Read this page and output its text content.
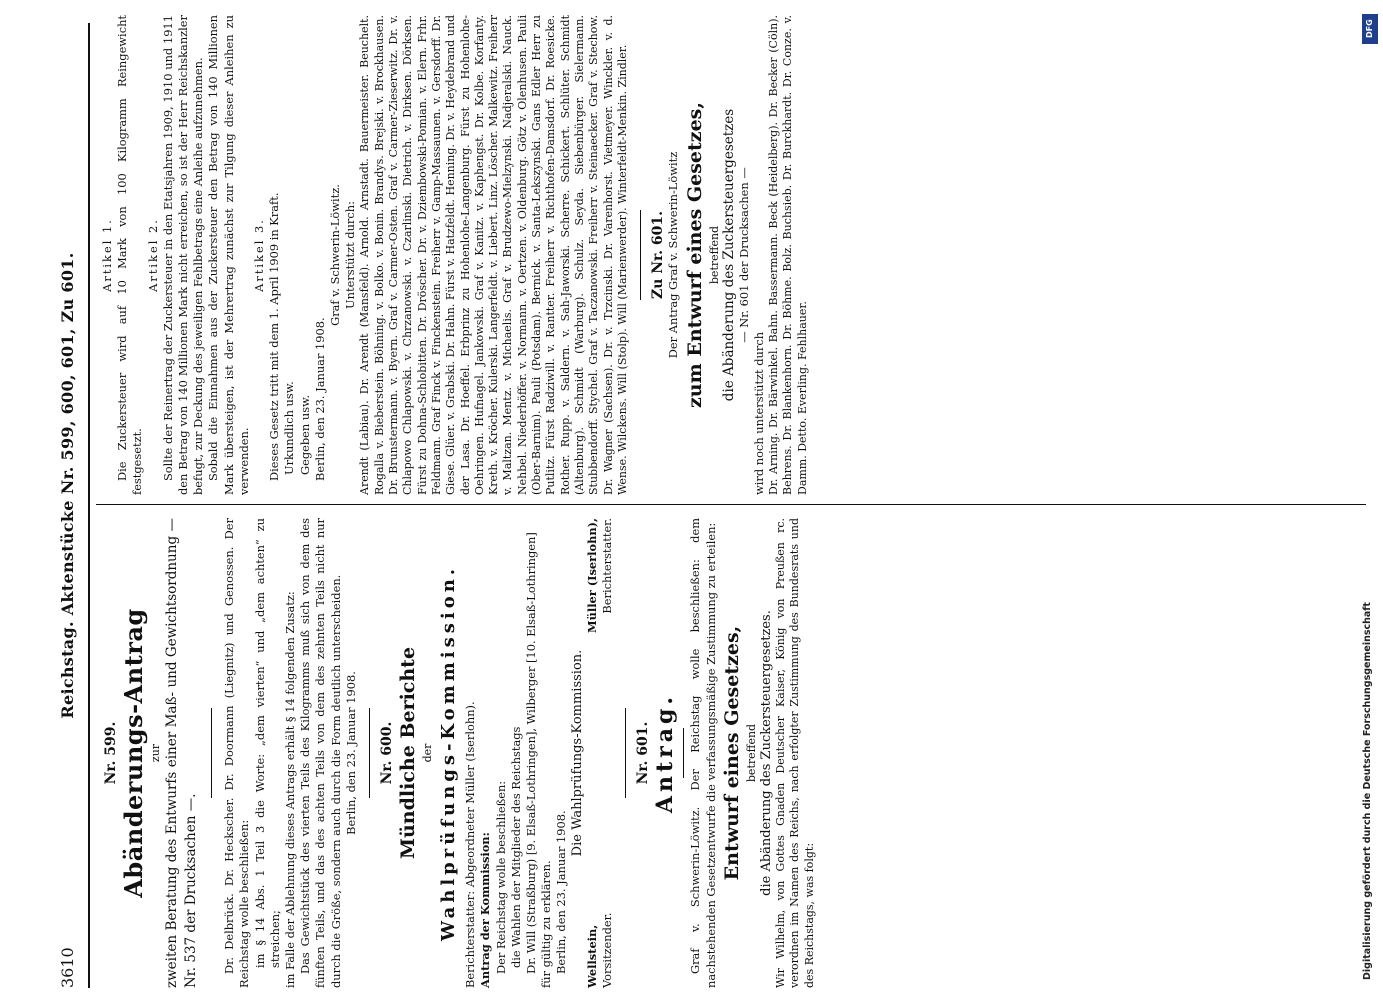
3610
Reichstag. Aktenstücke Nr. 599, 600, 601, Zu 601.

Nr. 599. Abänderungs-Antrag zur zweiten Beratung des Entwurfs einer Maß- und Gewichtsordnung — Nr. 537 der Drucksachen —. Dr. Delbrück. Dr. Heckscher. Dr. Doormann (Liegnitz) und Genossen. Der Reichstag wolle beschließen: im § 14 Abs. 1 Teil 3 die Worte: „dem vierten“ und „dem achten“ zu streichen; im Falle der Ablehnung dieses Antrags erhält § 14 folgenden Zusatz: Das Gewichtstück des vierten Teils des Kilogramms muß sich von dem des fünften Teils, und das des achten Teils von dem des zehnten Teils nicht nur durch die Größe, sondern auch durch die Form deutlich unterscheiden. Berlin, den 23. Januar 1908. Nr. 600. Mündliche Berichte der Wahlprüfungs-Kommission. Berichterstatter: Abgeordneter Müller (Iserlohn). Antrag der Kommission: Der Reichstag wolle beschließen: die Wahlen der Mitglieder des Reichstags Dr. Will (Straßburg) [9. Elsaß-Lothringen], Wilberger [10. Elsaß-Lothringen] für gültig zu erklären. Berlin, den 23. Januar 1908.

Die Wahlprüfungs-Kommission.

Wellstein, Vorsitzender.

Müller (Iserlohn), Berichterstatter.

Nr. 601. Antrag. Graf v. Schwerin-Löwitz. Der Reichstag wolle beschließen: dem nachstehenden Gesetzentwurfe die verfassungsmäßige Zustimmung zu erteilen: Entwurf eines Gesetzes, betreffend die Abänderung des Zuckersteuergesetzes. Wir Wilhelm, von Gottes Gnaden Deutscher Kaiser, König von Preußen rc. verordnen im Namen des Reichs, nach erfolgter Zustimmung des Bundesrats und des Reichstags, was folgt:

Artikel 1. Die Zuckersteuer wird auf 10 Mark von 100 Kilogramm Reingewicht festgesetzt.

Artikel 2. Sollte der Reinertrag der Zuckersteuer in den Etatsjahren 1909, 1910 und 1911 den Betrag von 140 Millionen Mark nicht erreichen, so ist der Herr Reichskanzler befugt, zur Deckung des jeweiligen Fehlbetrags eine Anleihe aufzunehmen. Sobald die Einnahmen aus der Zuckersteuer den Betrag von 140 Millionen Mark übersteigen, ist der Mehrertrag zunächst zur Tilgung dieser Anleihen zu verwenden.

Artikel 3. Dieses Gesetz tritt mit dem 1. April 1909 in Kraft. Urkundlich usw. Gegeben usw. Berlin, den 23. Januar 1908.

Graf v. Schwerin-Löwitz. Unterstützt durch: Arendt (Labiau). Dr. Arendt (Mansfeld). Arnold. Arnstadt. Bauermeister. Beuchelt. Rogalla v. Bieberstein. Böhning. v. Bolko. v. Bonin. Brandys. Brejski. v. Brockhausen. Dr. Brunstermann. v. Byern. Graf v. Carmer-Osten. Graf v. Carmer-Zieserwitz. Dr. v. Chlapowo Chlapowski. v. Chrzanowski. v. Czarlinski. Dietrich. v. Dirksen. Dörksen. Fürst zu Dohna-Schlobitten. Dr. Dröscher. Dr. v. Dziembowski-Pomian. v. Elern. Frhr. Feldmann. Graf Finck v. Finckenstein. Freiherr v. Gamp-Massaunen. v. Gersdorff. Dr. Giese. Glüer. v. Grabski. Dr. Hahn. Fürst v. Hatzfeldt. Henning. Dr. v. Heydebrand und der Lasa. Dr. Hoeffel. Erbprinz zu Hohenlohe-Langenburg. Fürst zu Hohenlohe-Oehringen. Hufnagel. Jankowski. Graf v. Kanitz. v. Kaphengst. Dr. Kolbe. Korfanty. Kreth. v. Kröcher. Kulerski. Langerfeldt. v. Liebert. Linz. Löscher. Malkewitz. Freiherr v. Maltzan. Mentz. v. Michaelis. Graf v. Brudzewo-Mielzynski. Nadjeralski. Nauck. Nehbel. Niederhöffer. v. Normann. v. Oertzen. v. Oldenburg. Götz v. Olenhusen. Pauli (Ober-Barnim). Pauli (Potsdam). Bernick. v. Santa-Lekszynski. Gans Edler Herr zu Putlitz. Fürst Radziwill. v. Rantter. Freiherr v. Richthofen-Damsdorf. Dr. Roesicke. Rother. Rupp. v. Saldern. v. Sah-Jaworski. Scherre. Schickert. Schlüter. Schmidt (Altenburg). Schmidt (Warburg). Schulz. Seyda. Siebenbürger. Sielermann. Stubbendorff. Stychel. Graf v. Taczanowski. Freiherr v. Steinaecker. Graf v. Stechow. Dr. Wagner (Sachsen). Dr. v. Trzcinski. Dr. Varenhorst. Vietmeyer. Winckler. v. d. Wense. Wilckens. Will (Stolp). Will (Marienwerder). Winterfeldt-Menkin. Zindler. Zu Nr. 601. Der Antrag Graf v. Schwerin-Löwitz zum Entwurf eines Gesetzes, betreffend die Abänderung des Zuckersteuergesetzes — Nr. 601 der Drucksachen —

wird noch unterstützt durch Dr. Arning. Dr. Bärwinkel. Bahn. Bassermann. Beck (Heidelberg). Dr. Becker (Cöln). Behrens. Dr. Blankenhorn. Dr. Böhme. Bolz. Buchsieb. Dr. Burckhardt. Dr. Conze. v. Damm. Detto. Everling. Fehlhauer.

DFG
Digitalisierung gefördert durch die Deutsche Forschungsgemeinschaft
